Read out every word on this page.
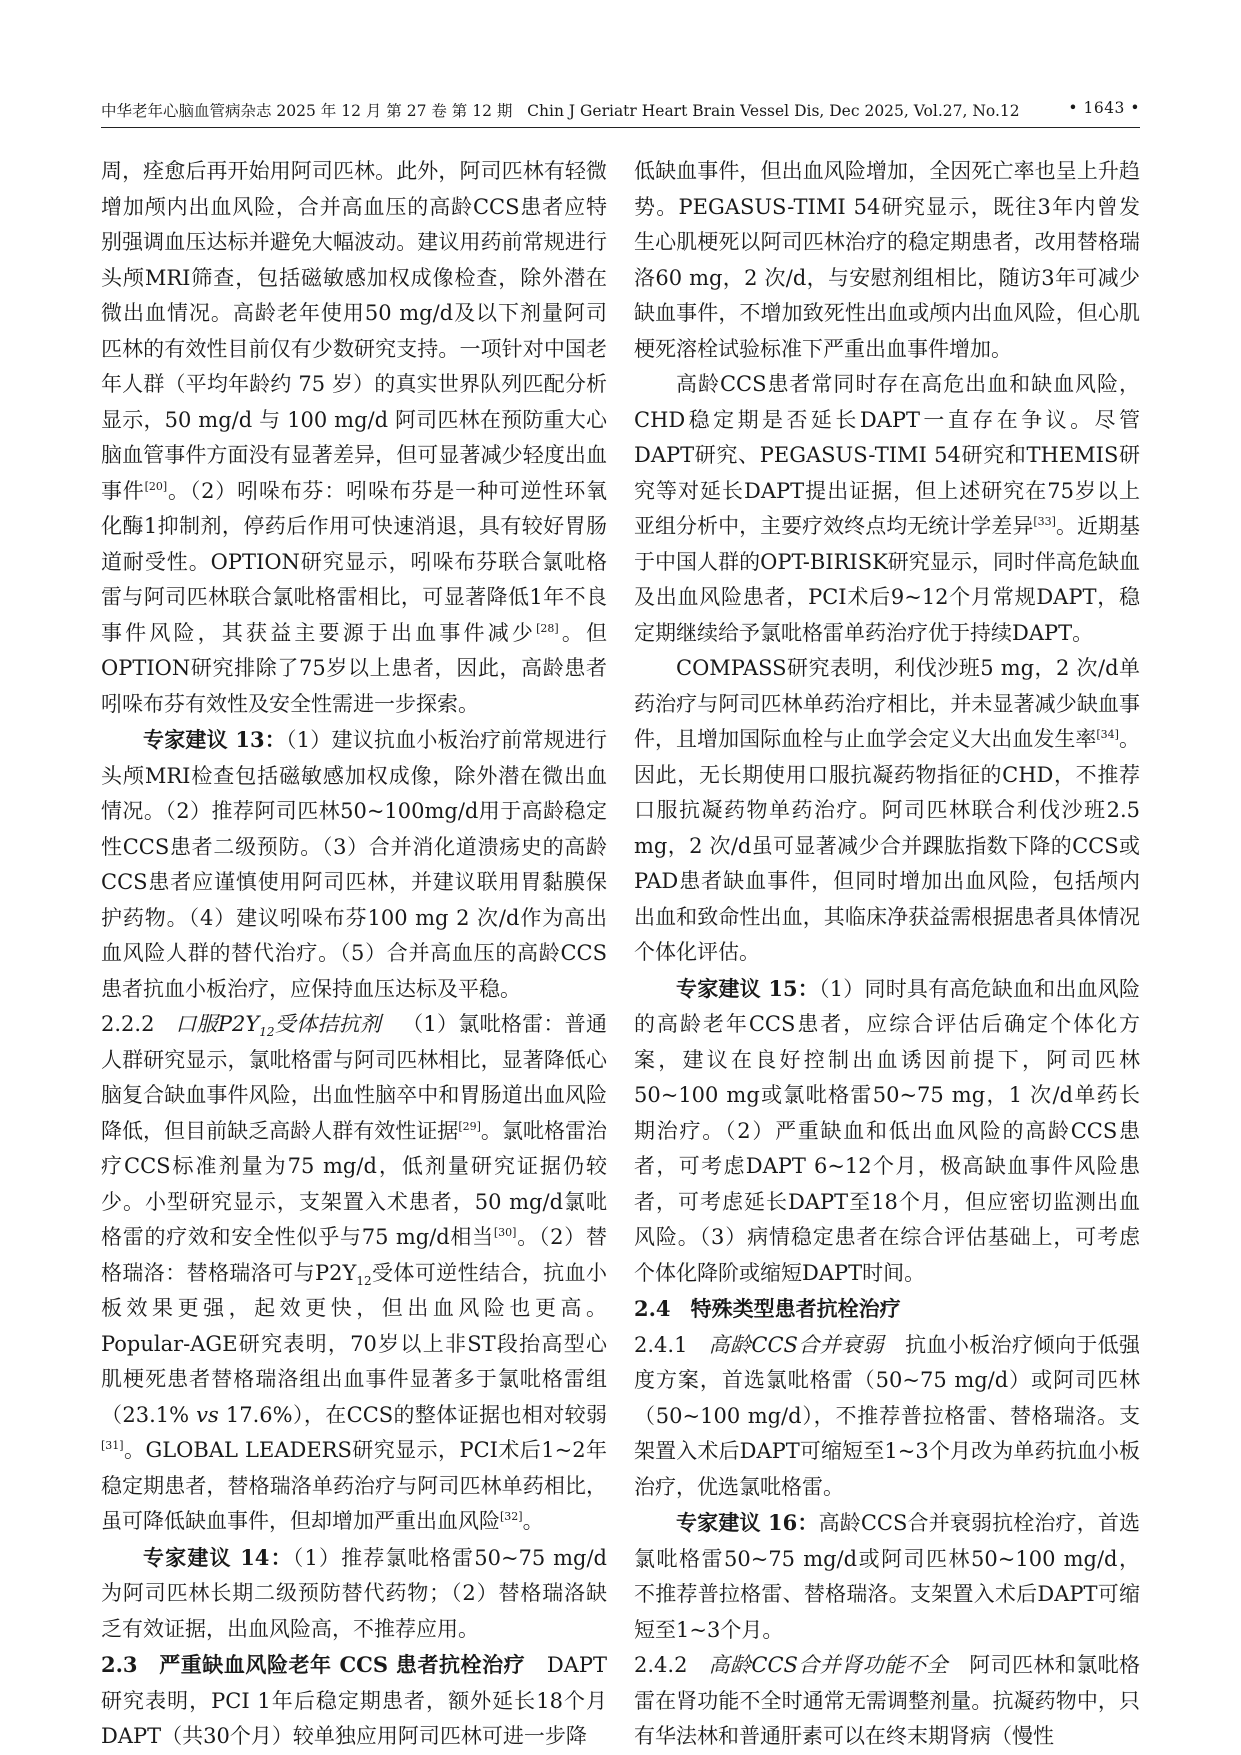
中华老年心脑血管病杂志 2025 年 12 月 第 27 卷 第 12 期 Chin J Geriatr Heart Brain Vessel Dis, Dec 2025, Vol.27, No.12	• 1643 •

周，痊愈后再开始用阿司匹林。此外，阿司匹林有轻微增加颅内出血风险，合并高血压的高龄CCS患者应特别强调血压达标并避免大幅波动。建议用药前常规进行头颅MRI筛查，包括磁敏感加权成像检查，除外潜在微出血情况。高龄老年使用50 mg/d及以下剂量阿司匹林的有效性目前仅有少数研究支持。一项针对中国老年人群（平均年龄约 75 岁）的真实世界队列匹配分析显示，50 mg/d 与 100 mg/d 阿司匹林在预防重大心脑血管事件方面没有显著差异，但可显著减少轻度出血事件[20]。（2）吲哚布芬：吲哚布芬是一种可逆性环氧化酶1抑制剂，停药后作用可快速消退，具有较好胃肠道耐受性。OPTION研究显示，吲哚布芬联合氯吡格雷与阿司匹林联合氯吡格雷相比，可显著降低1年不良事件风险，其获益主要源于出血事件减少[28]。但OPTION研究排除了75岁以上患者，因此，高龄患者吲哚布芬有效性及安全性需进一步探索。

专家建议 13：（1）建议抗血小板治疗前常规进行头颅MRI检查包括磁敏感加权成像，除外潜在微出血情况。（2）推荐阿司匹林50~100mg/d用于高龄稳定性CCS患者二级预防。（3）合并消化道溃疡史的高龄CCS患者应谨慎使用阿司匹林，并建议联用胃黏膜保护药物。（4）建议吲哚布芬100 mg 2 次/d作为高出血风险人群的替代治疗。（5）合并高血压的高龄CCS患者抗血小板治疗，应保持血压达标及平稳。

2.2.2 口服$P2Y_{12}$受体拮抗剂 （1）氯吡格雷：普通人群研究显示，氯吡格雷与阿司匹林相比，显著降低心脑复合缺血事件风险，出血性脑卒中和胃肠道出血风险降低，但目前缺乏高龄人群有效性证据[29]。氯吡格雷治疗CCS标准剂量为75 mg/d，低剂量研究证据仍较少。小型研究显示，支架置入术患者，50 mg/d氯吡格雷的疗效和安全性似乎与75 mg/d相当[30]。（2）替格瑞洛：替格瑞洛可与$P2Y_{12}$受体可逆性结合，抗血小板效果更强，起效更快，但出血风险也更高。Popular-AGE研究表明，70岁以上非ST段抬高型心肌梗死患者替格瑞洛组出血事件显著多于氯吡格雷组（23.1% vs 17.6%），在CCS的整体证据也相对较弱[31]。GLOBAL LEADERS研究显示，PCI术后1~2年稳定期患者，替格瑞洛单药治疗与阿司匹林单药相比，虽可降低缺血事件，但却增加严重出血风险[32]。

专家建议 14：（1）推荐氯吡格雷50~75 mg/d为阿司匹林长期二级预防替代药物；（2）替格瑞洛缺乏有效证据，出血风险高，不推荐应用。

2.3 严重缺血风险老年 CCS 患者抗栓治疗 DAPT研究表明，PCI 1年后稳定期患者，额外延长18个月DAPT（共30个月）较单独应用阿司匹林可进一步降

低缺血事件，但出血风险增加，全因死亡率也呈上升趋势。PEGASUS-TIMI 54研究显示，既往3年内曾发生心肌梗死以阿司匹林治疗的稳定期患者，改用替格瑞洛60 mg，2 次/d，与安慰剂组相比，随访3年可减少缺血事件，不增加致死性出血或颅内出血风险，但心肌梗死溶栓试验标准下严重出血事件增加。

高龄CCS患者常同时存在高危出血和缺血风险，CHD稳定期是否延长DAPT一直存在争议。尽管DAPT研究、PEGASUS-TIMI 54研究和THEMIS研究等对延长DAPT提出证据，但上述研究在75岁以上亚组分析中，主要疗效终点均无统计学差异[33]。近期基于中国人群的OPT-BIRISK研究显示，同时伴高危缺血及出血风险患者，PCI术后9~12个月常规DAPT，稳定期继续给予氯吡格雷单药治疗优于持续DAPT。

COMPASS研究表明，利伐沙班5 mg，2 次/d单药治疗与阿司匹林单药治疗相比，并未显著减少缺血事件，且增加国际血栓与止血学会定义大出血发生率[34]。因此，无长期使用口服抗凝药物指征的CHD，不推荐口服抗凝药物单药治疗。阿司匹林联合利伐沙班2.5 mg，2 次/d虽可显著减少合并踝肱指数下降的CCS或PAD患者缺血事件，但同时增加出血风险，包括颅内出血和致命性出血，其临床净获益需根据患者具体情况个体化评估。

专家建议 15：（1）同时具有高危缺血和出血风险的高龄老年CCS患者，应综合评估后确定个体化方案，建议在良好控制出血诱因前提下，阿司匹林50~100 mg或氯吡格雷50~75 mg，1 次/d单药长期治疗。（2）严重缺血和低出血风险的高龄CCS患者，可考虑DAPT 6~12个月，极高缺血事件风险患者，可考虑延长DAPT至18个月，但应密切监测出血风险。（3）病情稳定患者在综合评估基础上，可考虑个体化降阶或缩短DAPT时间。

2.4 特殊类型患者抗栓治疗

2.4.1 高龄CCS合并衰弱 抗血小板治疗倾向于低强度方案，首选氯吡格雷（50~75 mg/d）或阿司匹林（50~100 mg/d），不推荐普拉格雷、替格瑞洛。支架置入术后DAPT可缩短至1~3个月改为单药抗血小板治疗，优选氯吡格雷。

专家建议 16：高龄CCS合并衰弱抗栓治疗，首选氯吡格雷50~75 mg/d或阿司匹林50~100 mg/d，不推荐普拉格雷、替格瑞洛。支架置入术后DAPT可缩短至1~3个月。

2.4.2 高龄CCS合并肾功能不全 阿司匹林和氯吡格雷在肾功能不全时通常无需调整剂量。抗凝药物中，只有华法林和普通肝素可以在终末期肾病（慢性
